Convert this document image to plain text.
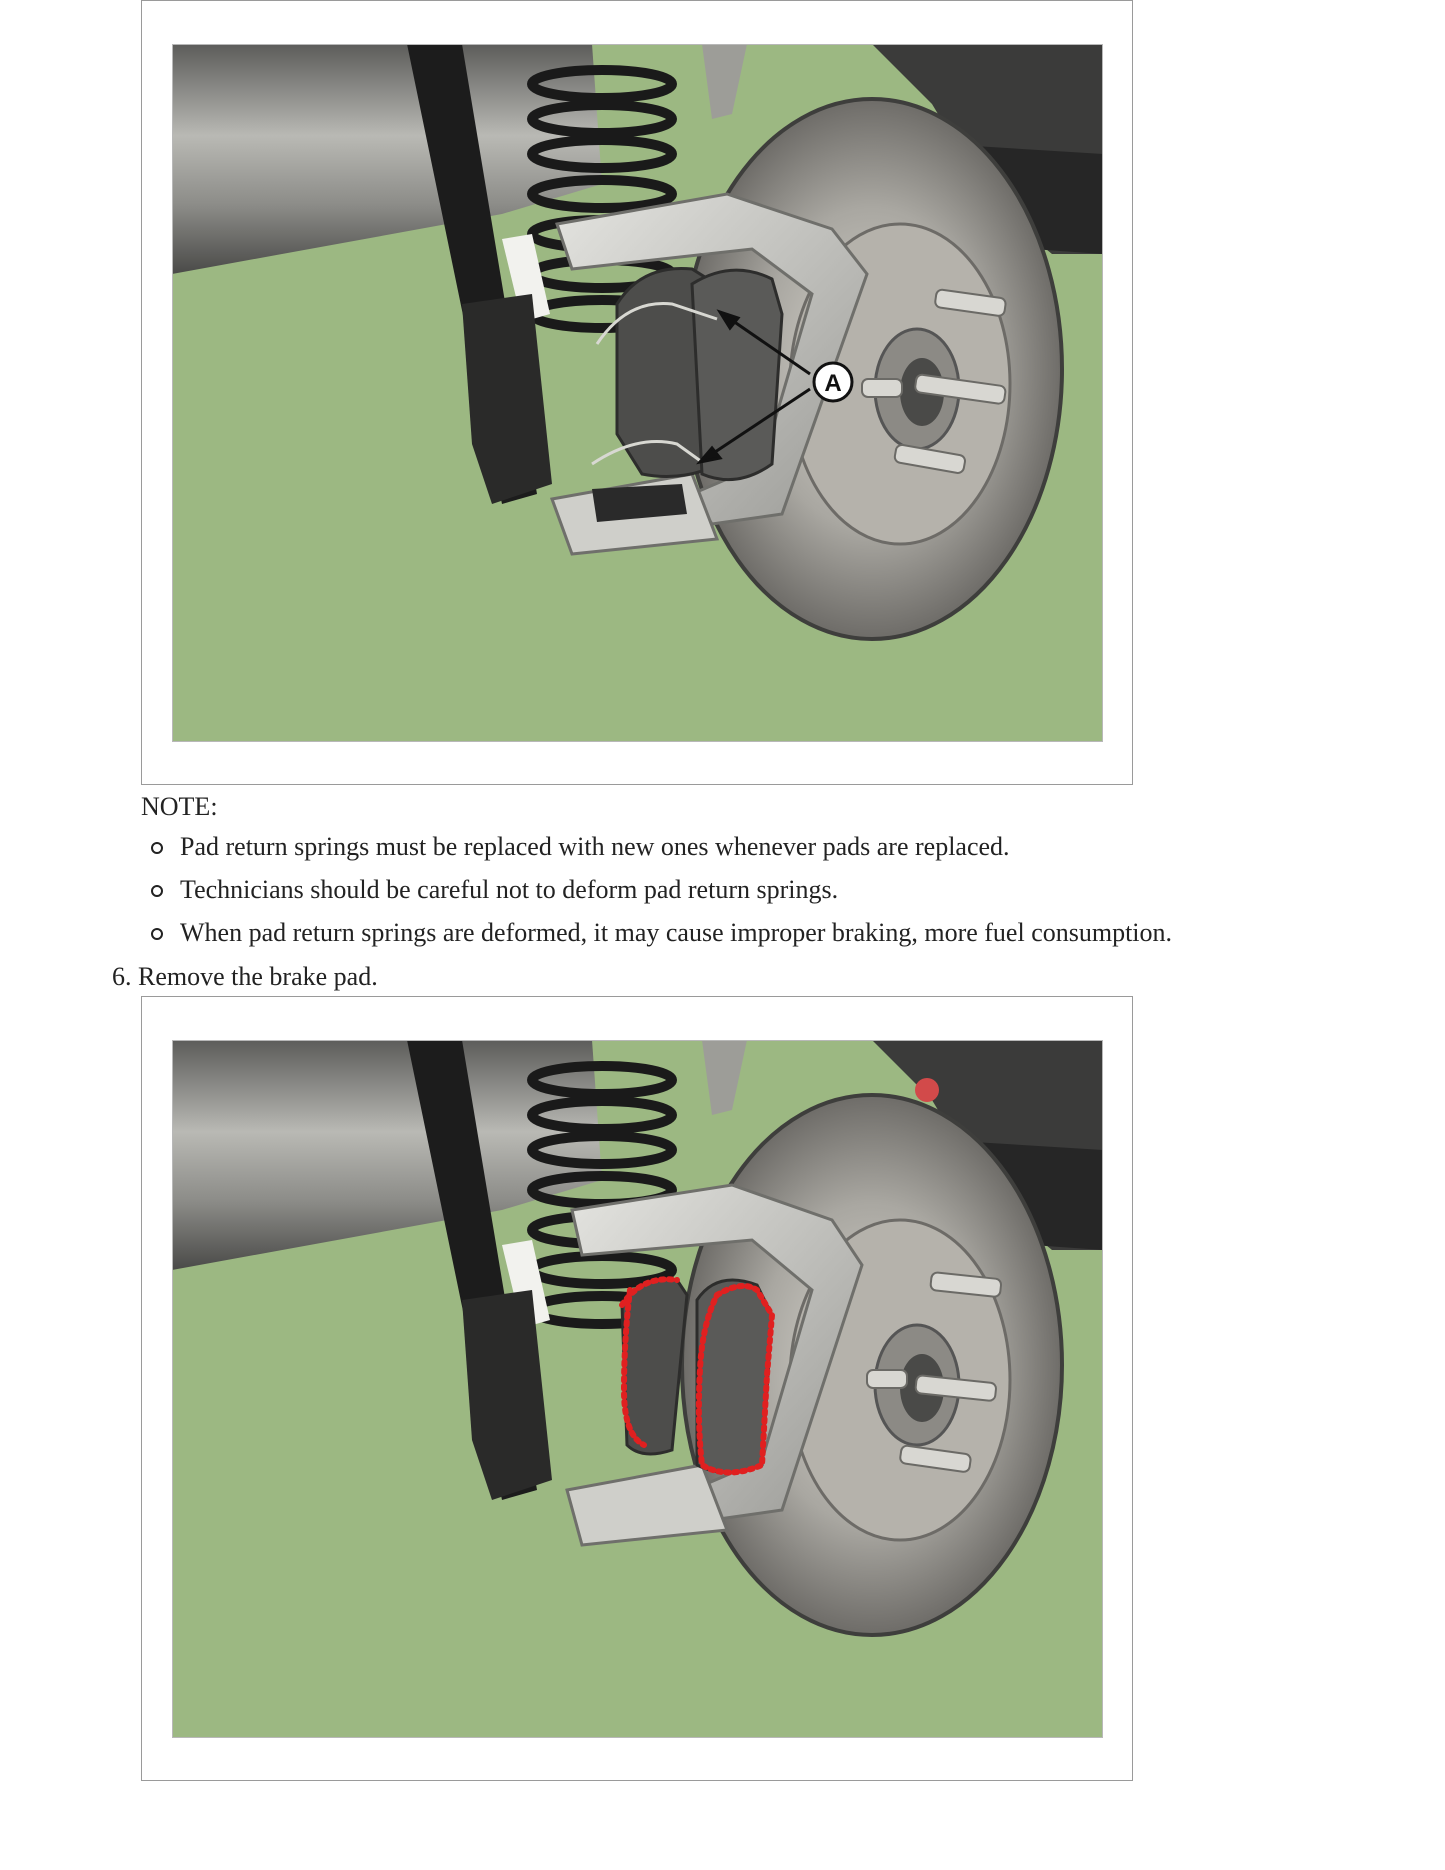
A
NOTE:
Pad return springs must be replaced with new ones whenever pads are replaced.
Technicians should be careful not to deform pad return springs.
When pad return springs are deformed, it may cause improper braking, more fuel consumption.
6. Remove the brake pad.
